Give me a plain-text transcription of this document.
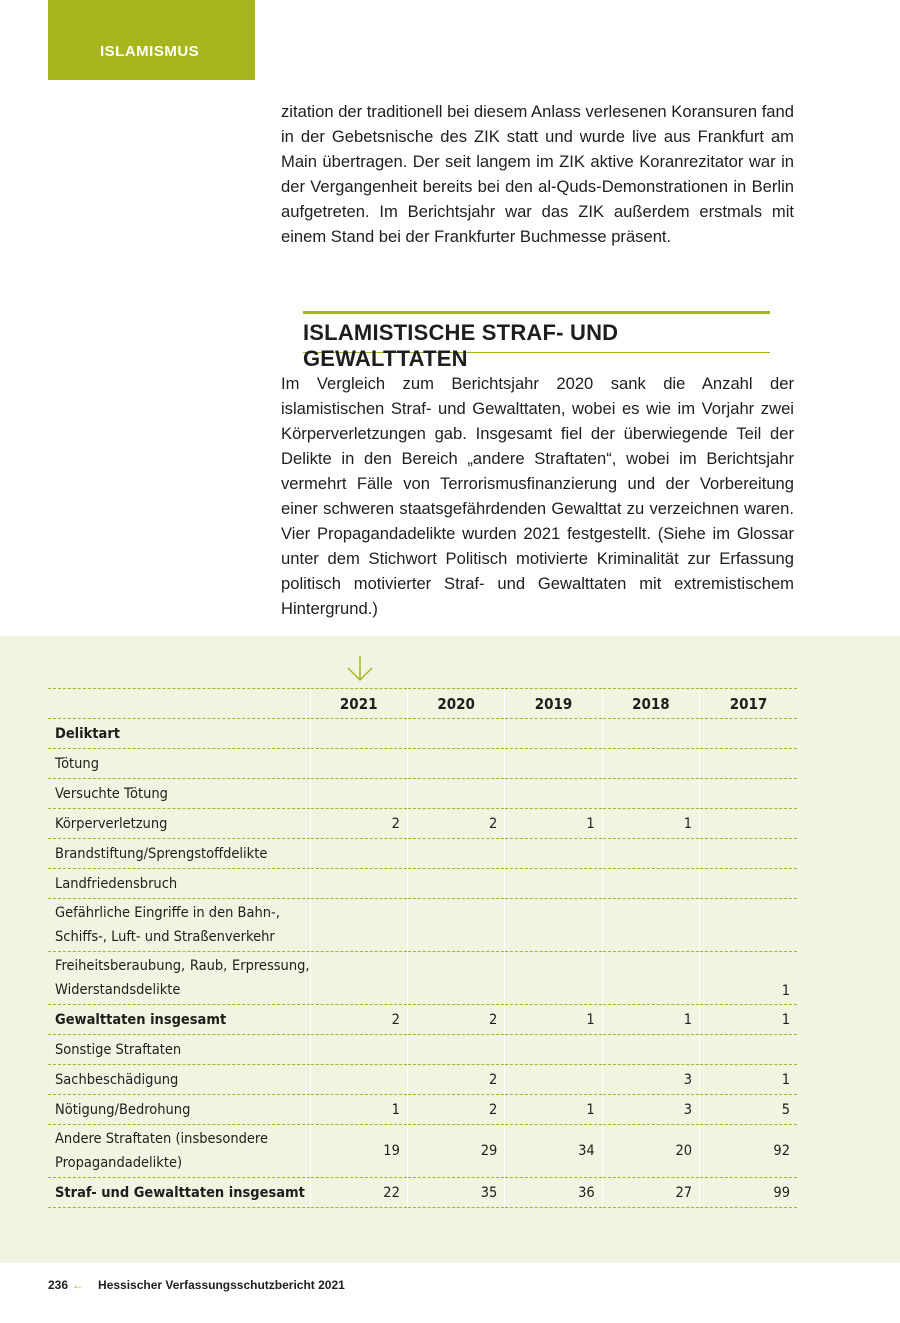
ISLAMISMUS

zitation der traditionell bei diesem Anlass verlesenen Koransuren fand in der Gebetsnische des ZIK statt und wurde live aus Frankfurt am Main übertragen. Der seit langem im ZIK aktive Koranrezitator war in der Vergangenheit bereits bei den al-Quds-Demonstrationen in Berlin aufgetreten. Im Berichtsjahr war das ZIK außerdem erstmals mit einem Stand bei der Frankfurter Buchmesse präsent.

ISLAMISTISCHE STRAF- UND GEWALTTATEN

Im Vergleich zum Berichtsjahr 2020 sank die Anzahl der islamistischen Straf- und Gewalttaten, wobei es wie im Vorjahr zwei Körperverletzungen gab. Insgesamt fiel der überwiegende Teil der Delikte in den Bereich „andere Straftaten“, wobei im Berichtsjahr vermehrt Fälle von Terrorismusfinanzierung und der Vorbereitung einer schweren staatsgefährdenden Gewalttat zu verzeichnen waren. Vier Propagandadelikte wurden 2021 festgestellt. (Siehe im Glossar unter dem Stichwort Politisch motivierte Kriminalität zur Erfassung politisch motivierter Straf- und Gewalttaten mit extremistischem Hintergrund.)

	2021	2020	2019	2018	2017
Deliktart					
Tötung					
Versuchte Tötung					
Körperverletzung	2	2	1	1	
Brandstiftung/Sprengstoffdelikte					
Landfriedensbruch					
Gefährliche Eingriffe in den Bahn-, Schiffs-, Luft- und Straßenverkehr					
Freiheitsberaubung, Raub, Erpressung, Widerstandsdelikte					1
Gewalttaten insgesamt	2	2	1	1	1
Sonstige Straftaten					
Sachbeschädigung		2		3	1
Nötigung/Bedrohung	1	2	1	3	5
Andere Straftaten (insbesondere Propagandadelikte)	19	29	34	20	92
Straf- und Gewalttaten insgesamt	22	35	36	27	99
236 ← Hessischer Verfassungsschutzbericht 2021
